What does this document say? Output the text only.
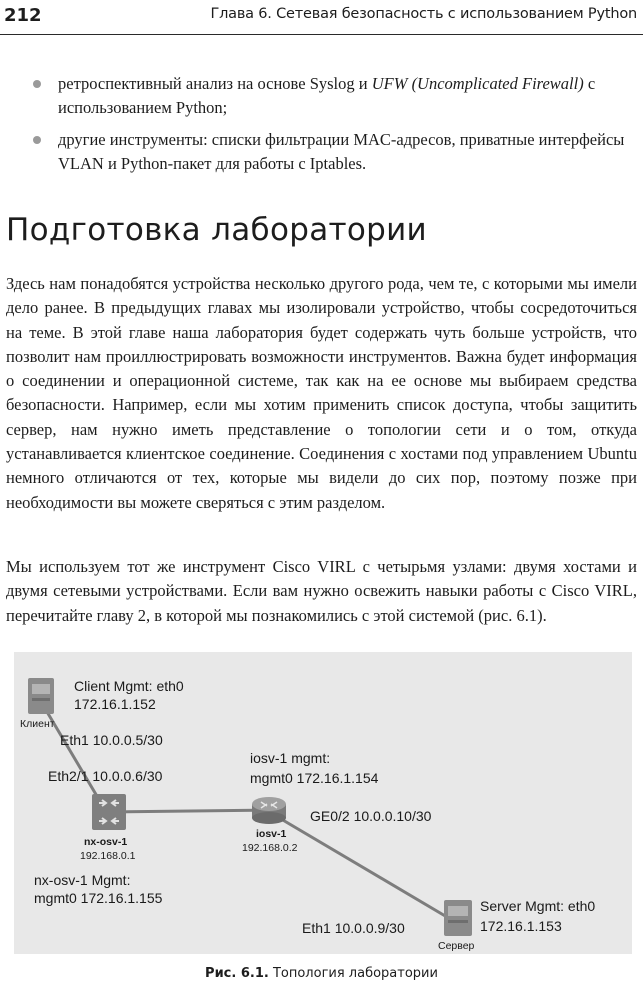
212	Глава 6. Сетевая безопасность с использованием Python
ретроспективный анализ на основе Syslog и UFW (Uncomplicated Firewall) с использованием Python;
другие инструменты: списки фильтрации MAC-адресов, приватные интерфейсы VLAN и Python-пакет для работы с Iptables.
Подготовка лаборатории
Здесь нам понадобятся устройства несколько другого рода, чем те, с которыми мы имели дело ранее. В предыдущих главах мы изолировали устройство, чтобы сосредоточиться на теме. В этой главе наша лаборатория будет содержать чуть больше устройств, что позволит нам проиллюстрировать возможности инструментов. Важна будет информация о соединении и операционной системе, так как на ее основе мы выбираем средства безопасности. Например, если мы хотим применить список доступа, чтобы защитить сервер, нам нужно иметь представление о топологии сети и о том, откуда устанавливается клиентское соединение. Соединения с хостами под управлением Ubuntu немного отличаются от тех, которые мы видели до сих пор, поэтому позже при необходимости вы можете сверяться с этим разделом.
Мы используем тот же инструмент Cisco VIRL с четырьмя узлами: двумя хостами и двумя сетевыми устройствами. Если вам нужно освежить навыки работы с Cisco VIRL, перечитайте главу 2, в которой мы познакомились с этой системой (рис. 6.1).
Client Mgmt: eth0
172.16.1.152
Клиент
Eth1 10.0.0.5/30
Eth2/1 10.0.0.6/30
nx-osv-1
192.168.0.1
nx-osv-1 Mgmt:
mgmt0 172.16.1.155
iosv-1 mgmt:
mgmt0 172.16.1.154
GE0/2 10.0.0.10/30
iosv-1
192.168.0.2
Server Mgmt: eth0
172.16.1.153
Сервер
Eth1 10.0.0.9/30
Рис. 6.1. Топология лаборатории
